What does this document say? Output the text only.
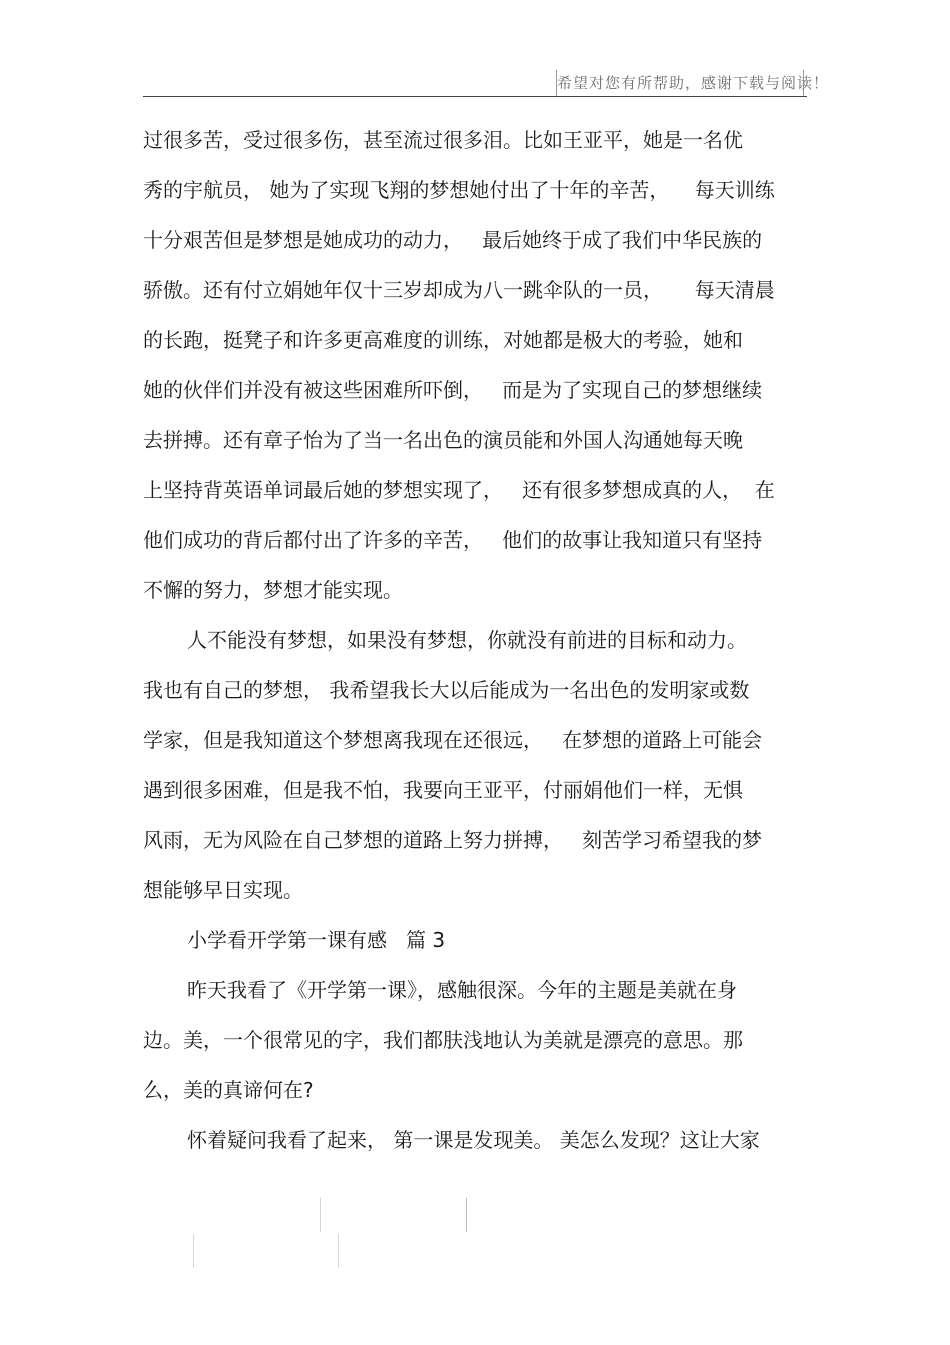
希望对您有所帮助，感谢下载与阅读！
过很多苦，受过很多伤，甚至流过很多泪。比如王亚平，她是一名优
秀的宇航员， 她为了实现飞翔的梦想她付出了十年的辛苦，    每天训练
十分艰苦但是梦想是她成功的动力，   最后她终于成了我们中华民族的
骄傲。还有付立娟她年仅十三岁却成为八一跳伞队的一员，     每天清晨
的长跑，挺凳子和许多更高难度的训练，对她都是极大的考验，她和
她的伙伴们并没有被这些困难所吓倒，   而是为了实现自己的梦想继续
去拼搏。还有章子怡为了当一名出色的演员能和外国人沟通她每天晚
上坚持背英语单词最后她的梦想实现了，   还有很多梦想成真的人，  在
他们成功的背后都付出了许多的辛苦，   他们的故事让我知道只有坚持
不懈的努力，梦想才能实现。
人不能没有梦想，如果没有梦想，你就没有前进的目标和动力。
我也有自己的梦想， 我希望我长大以后能成为一名出色的发明家或数
学家，但是我知道这个梦想离我现在还很远，   在梦想的道路上可能会
遇到很多困难，但是我不怕，我要向王亚平，付丽娟他们一样，无惧
风雨，无为风险在自己梦想的道路上努力拼搏，   刻苦学习希望我的梦
想能够早日实现。
小学看开学第一课有感   篇 3
昨天我看了《开学第一课》，感触很深。今年的主题是美就在身
边。美，一个很常见的字，我们都肤浅地认为美就是漂亮的意思。那
么，美的真谛何在?
怀着疑问我看了起来， 第一课是发现美。 美怎么发现？这让大家
